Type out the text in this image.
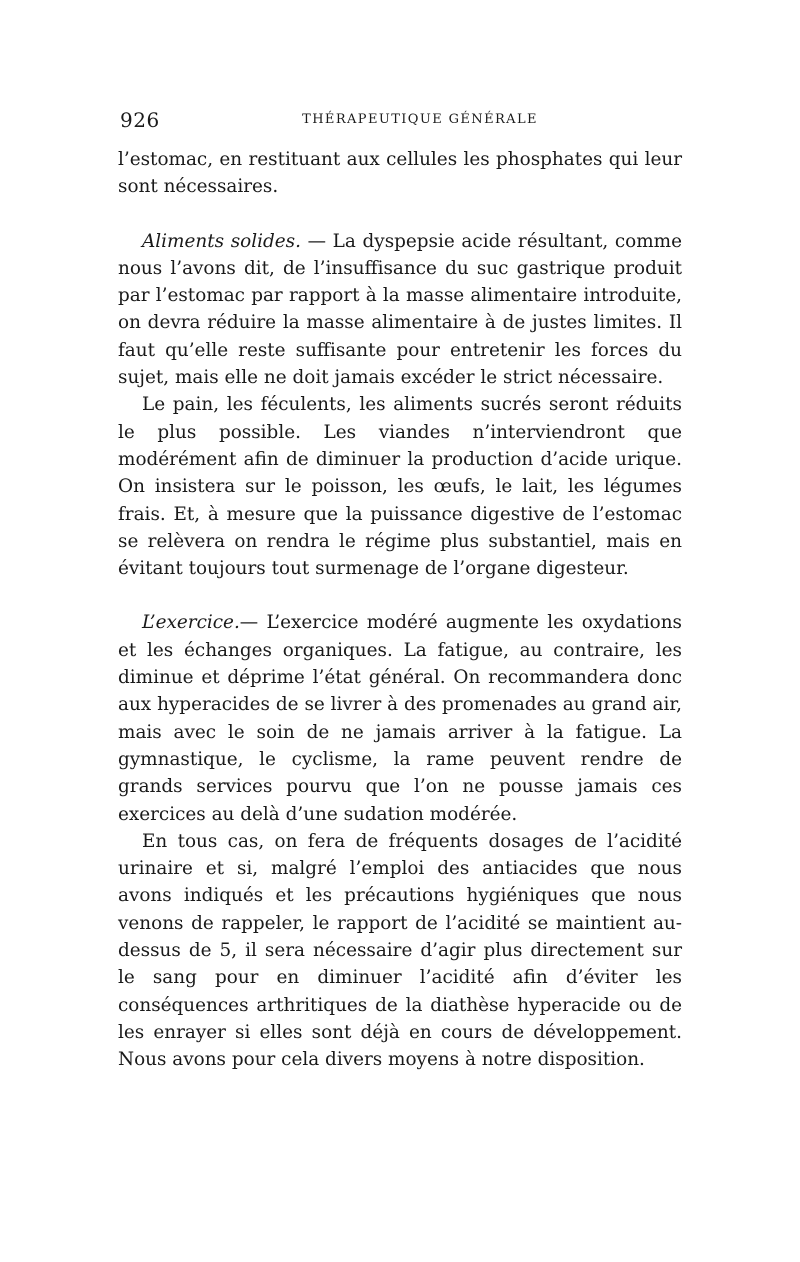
926	THÉRAPEUTIQUE GÉNÉRALE

l’estomac, en restituant aux cellules les phosphates qui leur sont nécessaires.

Aliments solides. — La dyspepsie acide résultant, comme nous l’avons dit, de l’insuffisance du suc gastrique produit par l’estomac par rapport à la masse alimentaire introduite, on devra réduire la masse alimentaire à de justes limites. Il faut qu’elle reste suffisante pour entretenir les forces du sujet, mais elle ne doit jamais excéder le strict nécessaire.

Le pain, les féculents, les aliments sucrés seront réduits le plus possible. Les viandes n’interviendront que modérément afin de diminuer la production d’acide urique. On insistera sur le poisson, les œufs, le lait, les légumes frais. Et, à mesure que la puissance digestive de l’estomac se relèvera on rendra le régime plus substantiel, mais en évitant toujours tout surmenage de l’organe digesteur.

L’exercice.— L’exercice modéré augmente les oxydations et les échanges organiques. La fatigue, au contraire, les diminue et déprime l’état général. On recommandera donc aux hyperacides de se livrer à des promenades au grand air, mais avec le soin de ne jamais arriver à la fatigue. La gymnastique, le cyclisme, la rame peuvent rendre de grands services pourvu que l’on ne pousse jamais ces exercices au delà d’une sudation modérée.

En tous cas, on fera de fréquents dosages de l’acidité urinaire et si, malgré l’emploi des antiacides que nous avons indiqués et les précautions hygiéniques que nous venons de rappeler, le rapport de l’acidité se maintient au-dessus de 5, il sera nécessaire d’agir plus directement sur le sang pour en diminuer l’acidité afin d’éviter les conséquences arthritiques de la diathèse hyperacide ou de les enrayer si elles sont déjà en cours de développement. Nous avons pour cela divers moyens à notre disposition.
